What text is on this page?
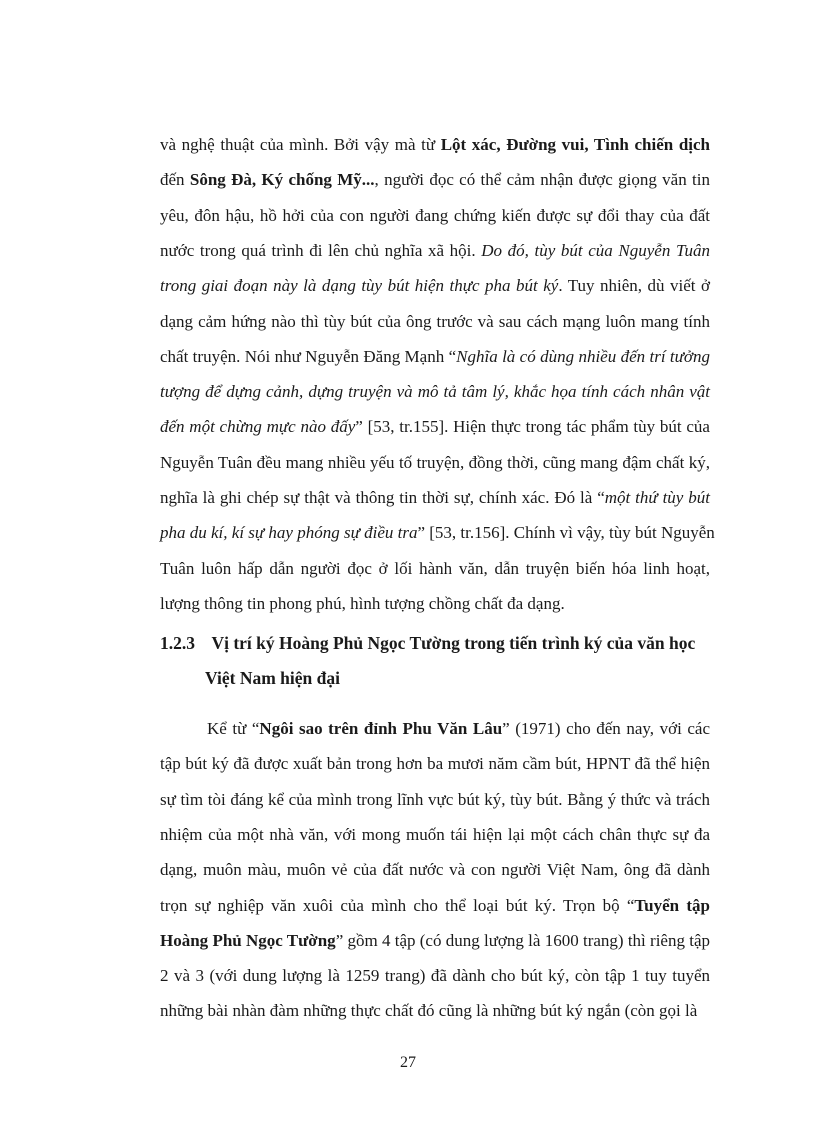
và nghệ thuật của mình. Bởi vậy mà từ Lột xác, Đường vui, Tình chiến dịch
đến Sông Đà, Ký chống Mỹ..., người đọc có thể cảm nhận được giọng văn tin
yêu, đôn hậu, hồ hởi của con người đang chứng kiến được sự đổi thay của đất
nước trong quá trình đi lên chủ nghĩa xã hội. Do đó, tùy bút của Nguyễn Tuân
trong giai đoạn này là dạng tùy bút hiện thực pha bút ký. Tuy nhiên, dù viết ở
dạng cảm hứng nào thì tùy bút của ông trước và sau cách mạng luôn mang tính
chất truyện. Nói như Nguyễn Đăng Mạnh “Nghĩa là có dùng nhiều đến trí tưởng
tượng để dựng cảnh, dựng truyện và mô tả tâm lý, khắc họa tính cách nhân vật
đến một chừng mực nào đấy” [53, tr.155]. Hiện thực trong tác phẩm tùy bút của
Nguyễn Tuân đều mang nhiều yếu tố truyện, đồng thời, cũng mang đậm chất ký,
nghĩa là ghi chép sự thật và thông tin thời sự, chính xác. Đó là “một thứ tùy bút
pha du kí, kí sự hay phóng sự điều tra” [53, tr.156]. Chính vì vậy, tùy bút Nguyễn
Tuân luôn hấp dẫn người đọc ở lối hành văn, dẫn truyện biến hóa linh hoạt,
lượng thông tin phong phú, hình tượng chồng chất đa dạng.
1.2.3 Vị trí ký Hoàng Phủ Ngọc Tường trong tiến trình ký của văn học
Việt Nam hiện đại
Kể từ “Ngôi sao trên đỉnh Phu Văn Lâu” (1971) cho đến nay, với các
tập bút ký đã được xuất bản trong hơn ba mươi năm cầm bút, HPNT đã thể hiện
sự tìm tòi đáng kể của mình trong lĩnh vực bút ký, tùy bút. Bằng ý thức và trách
nhiệm của một nhà văn, với mong muốn tái hiện lại một cách chân thực sự đa
dạng, muôn màu, muôn vẻ của đất nước và con người Việt Nam, ông đã dành
trọn sự nghiệp văn xuôi của mình cho thể loại bút ký. Trọn bộ “Tuyển tập
Hoàng Phủ Ngọc Tường” gồm 4 tập (có dung lượng là 1600 trang) thì riêng tập
2 và 3 (với dung lượng là 1259 trang) đã dành cho bút ký, còn tập 1 tuy tuyển
những bài nhàn đàm những thực chất đó cũng là những bút ký ngắn (còn gọi là
27
